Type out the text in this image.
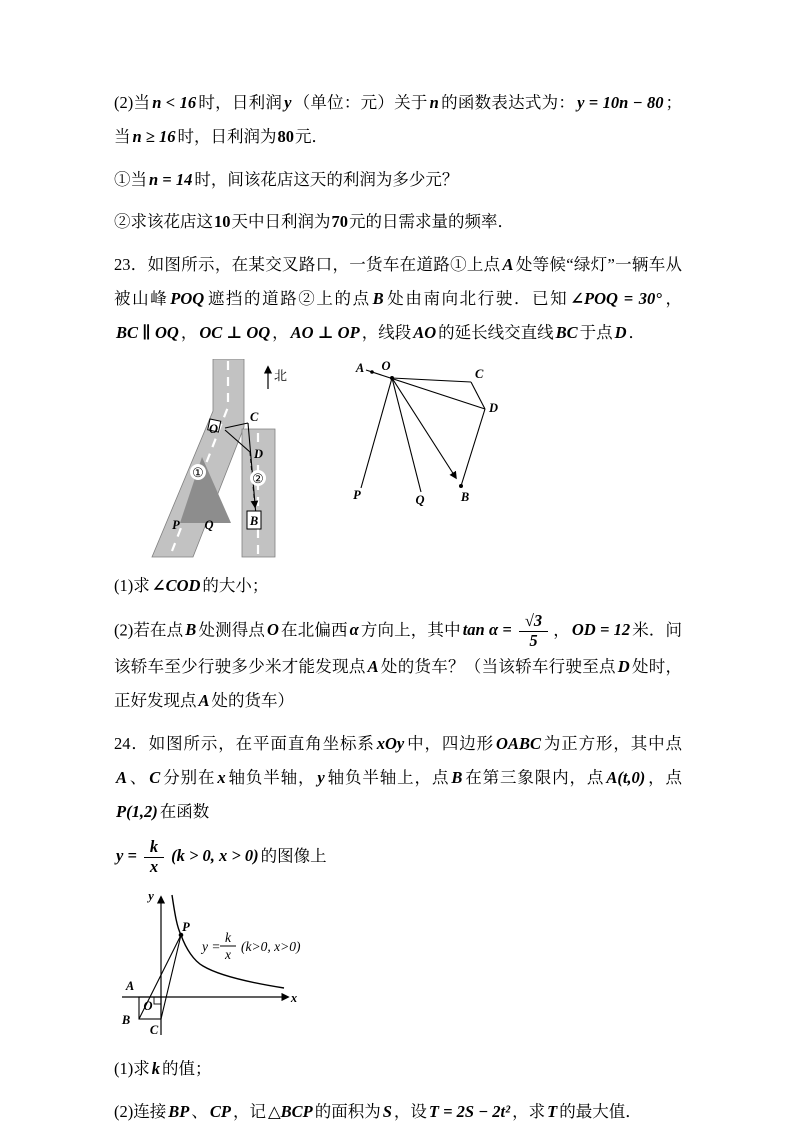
(2)当 n < 16 时，日利润 y （单位：元）关于 n 的函数表达式为： y = 10n − 80 ；当 n ≥ 16 时，日利润为80元．

①当 n = 14 时，间该花店这天的利润为多少元？

②求该花店这10天中日利润为70元的日需求量的频率．

23．如图所示，在某交叉路口，一货车在道路①上点 A 处等候“绿灯”一辆车从被山峰 POQ 遮挡的道路②上的点 B 处由南向北行驶．已知 ∠POQ = 30° ，BC ∥ OQ ， OC ⊥ OQ ， AO ⊥ OP ，线段 AO 的延长线交直线 BC 于点 D ．

北
O
C
D
①	②
P Q	B
A O
C
D
P	Q	B

(1)求 ∠COD 的大小；

(2)若在点 B 处测得点 O 在北偏西 α 方向上，其中 $\tan \alpha = \frac{√3}{5}$ ， OD = 12 米．问该轿车至少行驶多少米才能发现点 A 处的货车？（当该轿车行驶至点 D 处时，正好发现点 A 处的货车）

24．如图所示，在平面直角坐标系 xOy 中，四边形 OABC 为正方形，其中点A 、 C 分别在 x 轴负半轴， y 轴负半轴上，点 B 在第三象限内，点 A(t,0) ，点P(1,2) 在函数

$y = \frac{k}{x} (k > 0$, x > 0) 的图像上

y
x
P
A
B
C
O
y =
k
x
(k>0, x>0)

(1)求 k 的值；

(2)连接 BP 、 CP ，记 △BCP 的面积为 S ，设 T = 2S − 2t² ，求 T 的最大值．
